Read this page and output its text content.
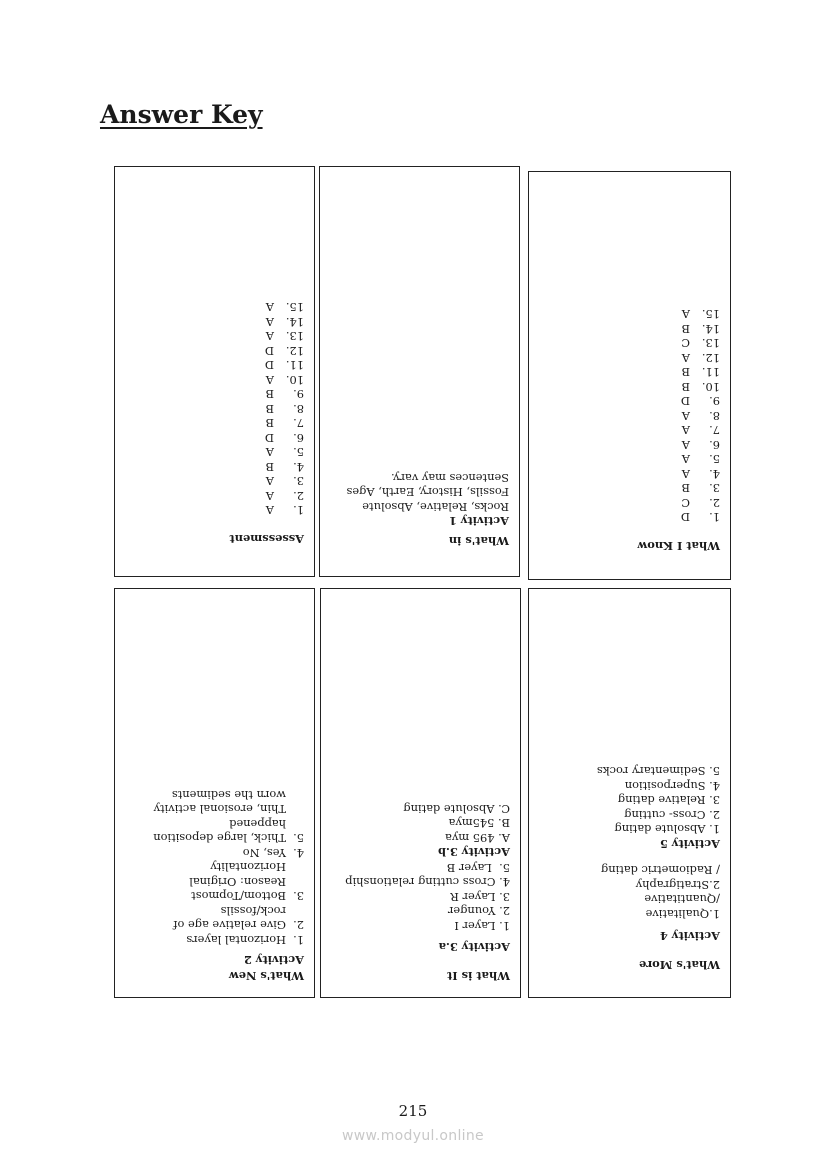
Answer Key

Assessment

1.A
2.A
3.A
4.B
5.A
6.D
7.B
8.B
9.B
10.A
11.D
12.D
13.A
14.A
15.A

What's in

Activity 1

Rocks, Relative, Absolute
Fossils, History, Earth, Ages
Sentences may vary.

What I Know

1.D
2.C
3.B
4.A
5.A
6.A
7.A
8.A
9.D
10.B
11.B
12.A
13.C
14.B
15.A

What's New

Activity 2

1.Horizontal layers
2.Give relative age of
rock/fossils
3.Bottom/Topmost
Reason: Original
Horizontality
4.Yes, No
5.Thick, large deposition
happened
Thin, erosional activity
worn the sediments

What is It

Activity 3.a

1. Layer I
2. Younger
3. Layer R
4. Cross cutting relationship
5.  Layer B

Activity 3.b

A. 495 mya
B. 545mya
C. Absolute dating

What's More

Activity 4

1.Qualitative
/Quantitative
2.Stratigraphy
/ Radiometric dating

Activity 5

1. Absolute dating
2. Cross- cutting
3. Relative dating
4. Superposition
5. Sedimentary rocks

215

www.modyul.online
